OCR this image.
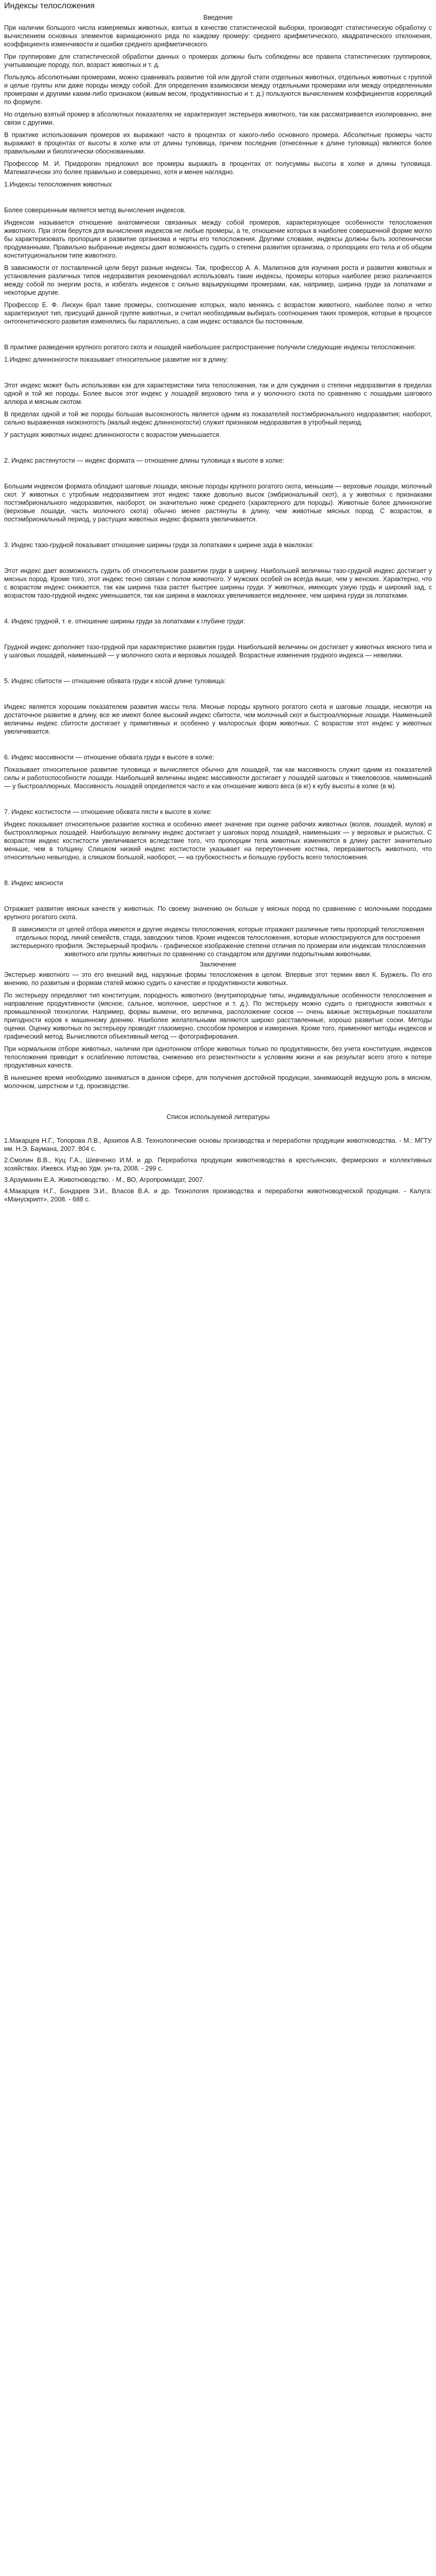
Индексы телосложения
Введение

При наличии большого числа измеряемых животных, взятых в качестве статистической выборки, производят статистическую обработку с вычислением основных элементов вариационного ряда по каждому промеру: среднего арифметического, квадратического отклонения, коэффициента изменчивости и ошибки среднего арифметического.

При группировке для статистической обработки данных о промерах должны быть соблюдены все правила статистических группировок, учитывающие породу, пол, возраст животных и т. д.

Пользуясь абсолютными промерами, можно сравнивать развитие той или другой стати отдельных животных, отдельных животных с группой и целые группы или даже породы между собой. Для определения взаимосвязи между отдельными промерами или между определенными промерами и другими каким-либо признаком (живым весом, продуктивностью и т. д.) пользуются вычислением коэффициентов корреляций по формуле.

Но отдельно взятый промер в абсолютных показателях не характеризует экстерьера животного, так как рассматривается изолированно, вне связи с другими.

В практике использования промеров их выражают часто в процентах от какого-либо основного промера. Абсолютные промеры часто выражают в процентах от высоты в холке или от длины туловища, причем последние (отнесенные к длине туловища) являются более правильными и биологически обоснованными.

Профессор М. И. Придорогин предложил все промеры выражать в процентах от полусуммы высоты в холке и длины туловища. Математически это более правильно и совершенно, хотя и менее наглядно.

1.Индексы телосложения животных

Более совершенным является метод вычисления индексов.

Индексом называется отношение анатомически связанных между собой промеров, характеризующее особенности телосложения животного. При этом берутся для вычисления индексов не любые промеры, а те, отношение которых в наиболее совершенной форме могло бы характеризовать пропорции и развитие организма и черты его телосложения. Другими словами, индексы должны быть зоотехнически продуманными. Правильно выбранные индексы дают возможность судить о степени развития организма, о пропорциях его тела и об общем конституциональном типе животного.

В зависимости от поставленной цели берут разные индексы. Так, профессор А. А. Малигонов для изучения роста и развития животных и установления различных типов недоразвития рекомендовал использовать такие индексы, промеры которых наиболее резко различаются между собой по энергии роста, и избегать индексов с сильно варьирующими промерами, как, например, ширина груди за лопатками и некоторые другие.

Профессор Е. Ф. Лискун брал такие промеры, соотношение которых, мало меняясь с возрастом животного, наиболее полно и четко характеризуют тип, присущий данной группе животных, и считал необходимым выбирать соотношения таких промеров, которые в процессе онтогенетического развития изменялись бы параллельно, а сам индекс оставался бы постоянным.

В практике разведения крупного рогатого скота и лошадей наибольшее распространение получили следующие индексы телосложения:

1.Индекс длинноногости показывает относительное развитие ног в длину:

Этот индекс может быть использован как для характеристики типа телосложения, так и для суждения о степени недоразвития в пределах одной и той же породы. Более высок этот индекс у лошадей верхового типа и у молочного скота по сравнению с лошадьми шагового аллюра и мясным скотом.

В пределах одной и той же породы большая высоконогость является одним из показателей постэмбрионального недоразвития; наоборот, сильно выраженная низконогость (малый индекс длинноногости) служит признаком недоразвития в утробный период.

У растущих животных индекс длинноногости с возрастом уменьшается.

2. Индекс растянутости — индекс формата — отношение длины туловища к высоте в холке:

Большим индексом формата обладают шаговые лошади, мясные породы крупного рогатого скота, меньшим — верховые лошади, молочный скот. У животных с утробным недоразвитием этот индекс также довольно высок (эмбриональный скот), а у животных с признаками постэмбрионального недоразвития, наоборот, он значительно ниже среднего (характерного для породы). Животные более длинноногие (верховые лошади, часть молочного скота) обычно менее растянуты в длину, чем животные мясных пород. С возрастом, в постэмбриональный период, у растущих животных индекс формата увеличивается.

3. Индекс тазо-грудной показывает отношение ширины груди за лопатками к ширине зада в маклоках:

Этот индекс дает возможность судить об относительном развитии груди в ширину. Наибольшей величины тазо-грудной индекс достигает у мясных пород. Кроме того, этот индекс тесно связан с полом животного. У мужских особей он всегда выше, чем у женских. Характерно, что с возрастом индекс снижается, так как ширина таза растет быстрее ширины груди. У животных, имеющих узкую грудь и широкий зад, с возрастом тазо-грудной индекс уменьшается, так как ширина в маклоках увеличивается медленнее, чем ширина груди за лопатками.

4. Индекс грудной, т. е. отношение ширины груди за лопатками к глубине груди:

Грудной индекс дополняет тазо-грудной при характеристике развития груди. Наибольшей величины он достигает у животных мясного типа и у шаговых лошадей, наименьшей — у молочного скота и верховых лошадей. Возрастные изменения грудного индекса — невелики.

5. Индекс сбитости — отношение обхвата груди к косой длине туловища:

Индекс является хорошим показателем развития массы тела. Мясные породы крупного рогатого скота и шаговые лошади, несмотря на достаточное развитие в длину, все же имеют более высокий индекс сбитости, чем молочный скот и быстроаллюрные лошади. Наименьшей величины индекс сбитости достигает у примитивных и особенно у малорослых форм животных. С возрастом этот индекс у животных увеличивается.

6. Индекс массивности — отношение обхвата груди к высоте в холке:

Показывает относительное развитие туловища и вычисляется обычно для лошадей, так как массивность служит одним из показателей силы и работоспособности лошади. Наибольшей величины индекс массивности достигает у лошадей шаговых и тяжеловозов, наименьший — у быстроаллюрных. Массивность лошадей определяется часто и как отношение живого веса (в кг) к кубу высоты в холке (в м).

7. Индекс костистости — отношение обхвата пясти к высоте в холке:

Индекс показывает относительное развитие костяка и особенно имеет значение при оценке рабочих животных (волов, лошадей, мулов) и быстроаллюрных лошадей. Наибольшую величину индекс достигает у шаговых пород лошадей, наименьших — у верховых и рысистых. С возрастом индекс костистости увеличивается вследствие того, что пропорции тела животных изменяются в длину растет значительно меньше, чем в толщину. Слишком низкий индекс костистости указывает на переутончение костяка, переразвитость животного, что относительно невыгодно, а слишком большой, наоборот, — на грубокостность и большую грубость всего телосложения.

8. Индекс мясности

Отражает развитие мясных качеств у животных. По своему значению он больше у мясных пород по сравнению с молочными породами крупного рогатого скота.

В зависимости от целей отбора имеются и другие индексы телосложения, которые отражают различные типы пропорций телосложения отдельных пород, линий семейств, стада, заводских типов. Кроме индексов телосложения, которые иллюстрируются для построения экстерьерного профиля. Экстерьерный профиль - графическое изображение степени отличия по промерам или индексам телосложения животного или группы животных по сравнению со стандартом или другими подопытными животными.

Заключение

Экстерьер животного — это его внешний вид, наружные формы телосложения в целом. Впервые этот термин ввел К. Буржель. По его мнению, по развитым и формам статей можно судить о качестве и продуктивности животных.

По экстерьеру определяют тип конституции, породность животного (внутрипородные типы, индивидуальные особенности телосложения и направление продуктивности (мясное, сальное, молочное, шерстное и т. д.). По экстерьеру можно судить о пригодности животных к промышленной технологии. Например, формы вымени, его величина, расположение сосков — очень важные экстерьерные показатели пригодности коров к машинному доению. Наиболее желательными являются широко расставленные, хорошо развитые соски. Методы оценки. Оценку животных по экстерьеру проводят глазомерно, способом промеров и измерения. Кроме того, применяют методы индексов и графический метод. Вычисляются объективный метод — фотографирования.

При нормальном отборе животных, наличии при однотонном отборе животных только по продуктивности, без учета конституции, индексов телосложения приводит к ослаблению потомства, снижению его резистентности к условиям жизни и как результат всего этого к потере продуктивных качеств.

В нынешнее время необходимо заниматься в данном сфере, для получения достойной продукции, занимающей ведущую роль в мясном, молочном, шерстном и т.д. производстве.

Список используемой литературы
1.Макарцев Н.Г., Топорова Л.В., Архипов А.В. Технологические основы производства и переработки продукции животноводства. - М.: МГТУ им. Н.Э. Баумана, 2007. 804 с.
2.Смолин В.В., Куц Г.А., Шевченко И.М. и др. Переработка продукции животноводства в крестьянских, фермерских и коллективных хозяйствах. Ижевск. Изд-во Удм. ун-та, 2008. - 299 с.
3.Арзуманян Е.А. Животноводство. - М., ВО, Агропромиздат, 2007.
4.Макарцев Н.Г., Бондарев Э.И., Власов В.А. и др. Технология производства и переработки животноводческой продукции. - Калуга: «Манускрипт», 2008. - 688 с.
